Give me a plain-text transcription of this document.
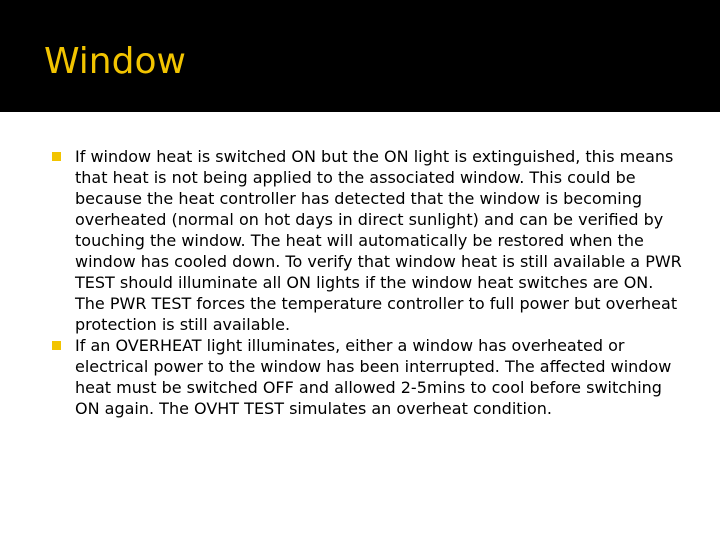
Window
If window heat is switched ON but the ON light is extinguished, this means that heat is not being applied to the associated window. This could be because the heat controller has detected that the window is becoming overheated (normal on hot days in direct sunlight) and can be verified by touching the window. The heat will automatically be restored when the window has cooled down. To verify that window heat is still available a PWR TEST should illuminate all ON lights if the window heat switches are ON. The PWR TEST forces the temperature controller to full power but overheat protection is still available.
If an OVERHEAT light illuminates, either a window has overheated or electrical power to the window has been interrupted. The affected window heat must be switched OFF and allowed 2-5mins to cool before switching ON again. The OVHT TEST simulates an overheat condition.
